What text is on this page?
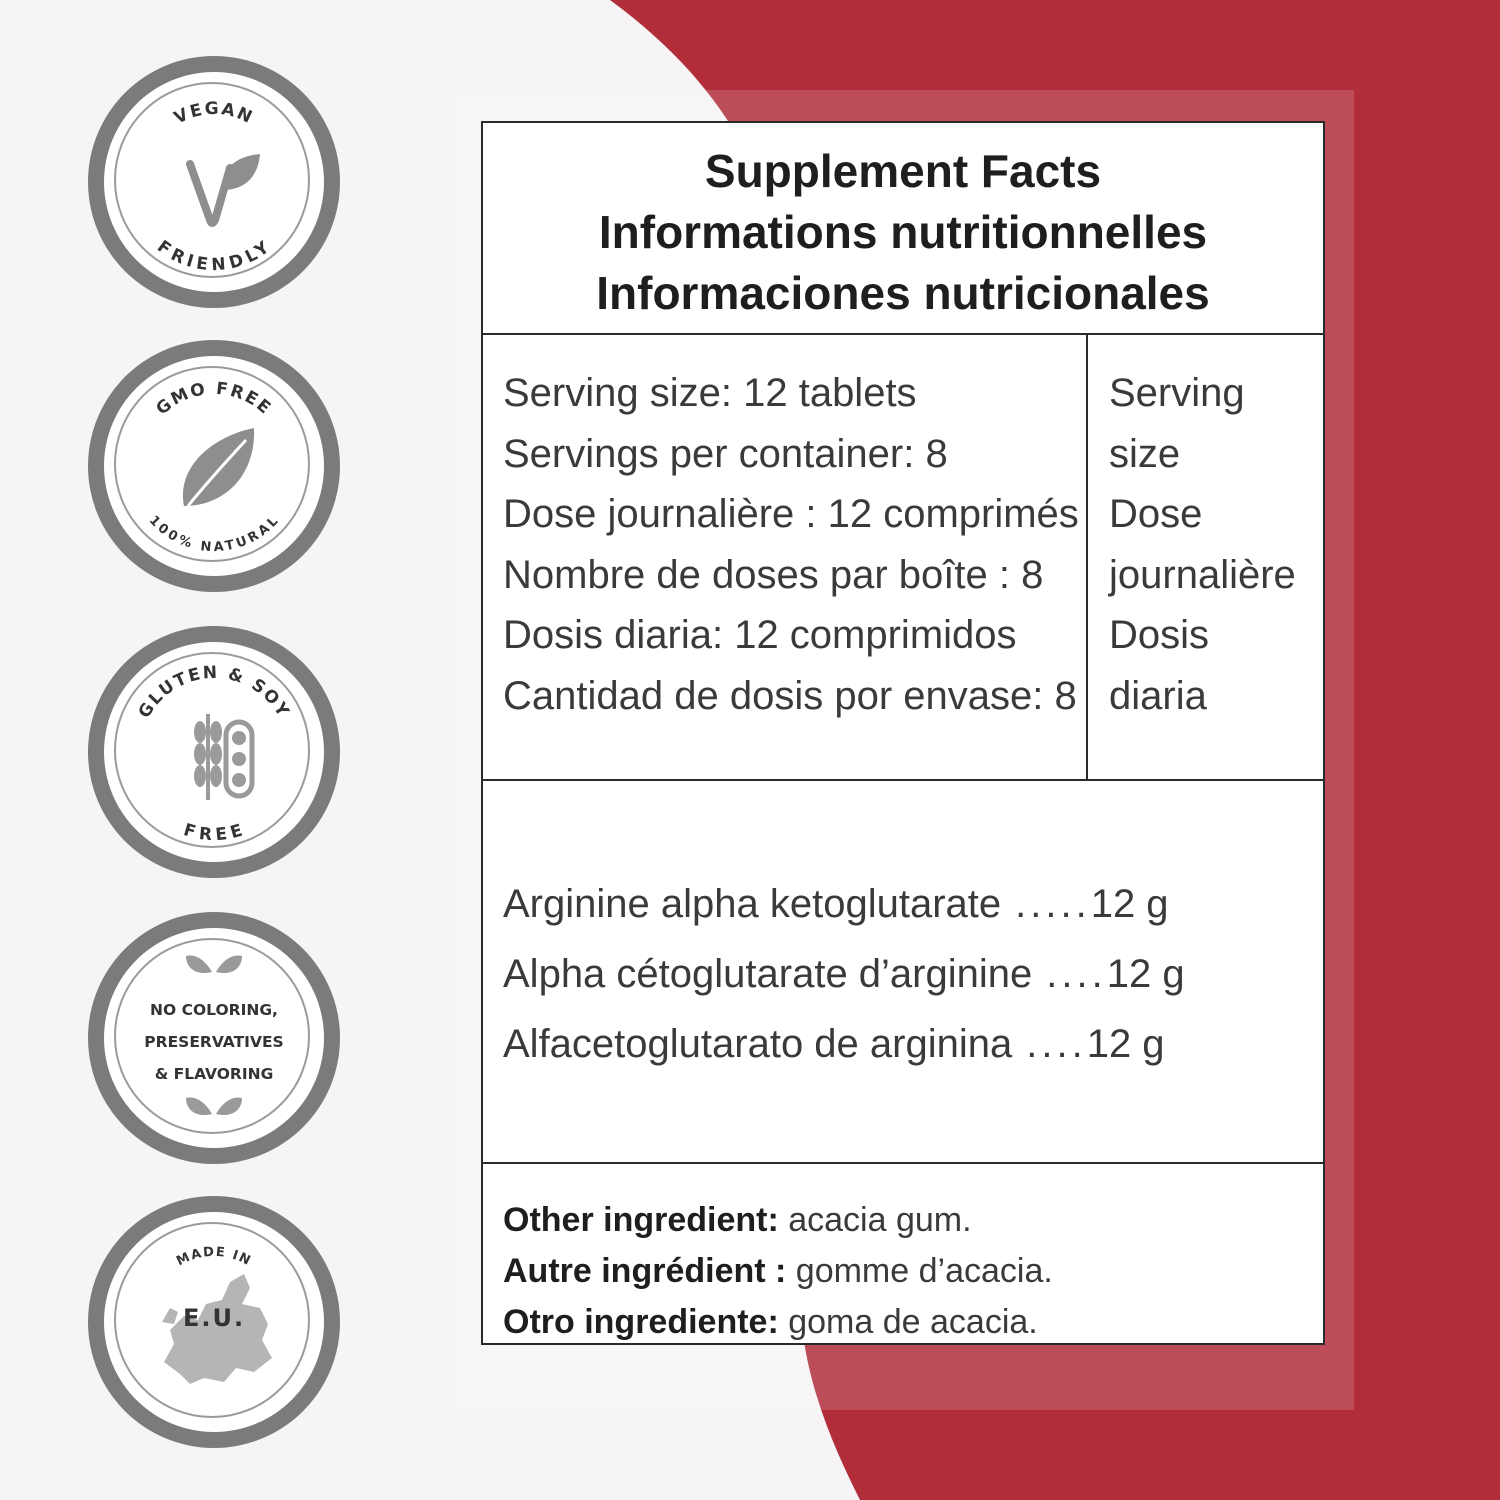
VEGAN
FRIENDLY
GMO FREE
100% NATURAL
GLUTEN & SOY
FREE
NO COLORING,
PRESERVATIVES
& FLAVORING
MADE IN
E.U.
Supplement Facts
Informations nutritionnelles
Informaciones nutricionales
Serving size: 12 tablets
Servings per container: 8
Dose journalière : 12 comprimés
Nombre de doses par boîte : 8
Dosis diaria: 12 comprimidos
Cantidad de dosis por envase: 8
Serving
size
Dose
journalière
Dosis
diaria
Arginine alpha ketoglutarate .....12 g
Alpha cétoglutarate d’arginine ....12 g
Alfacetoglutarato de arginina ....12 g
Other ingredient: acacia gum.
Autre ingrédient : gomme d’acacia.
Otro ingrediente: goma de acacia.
